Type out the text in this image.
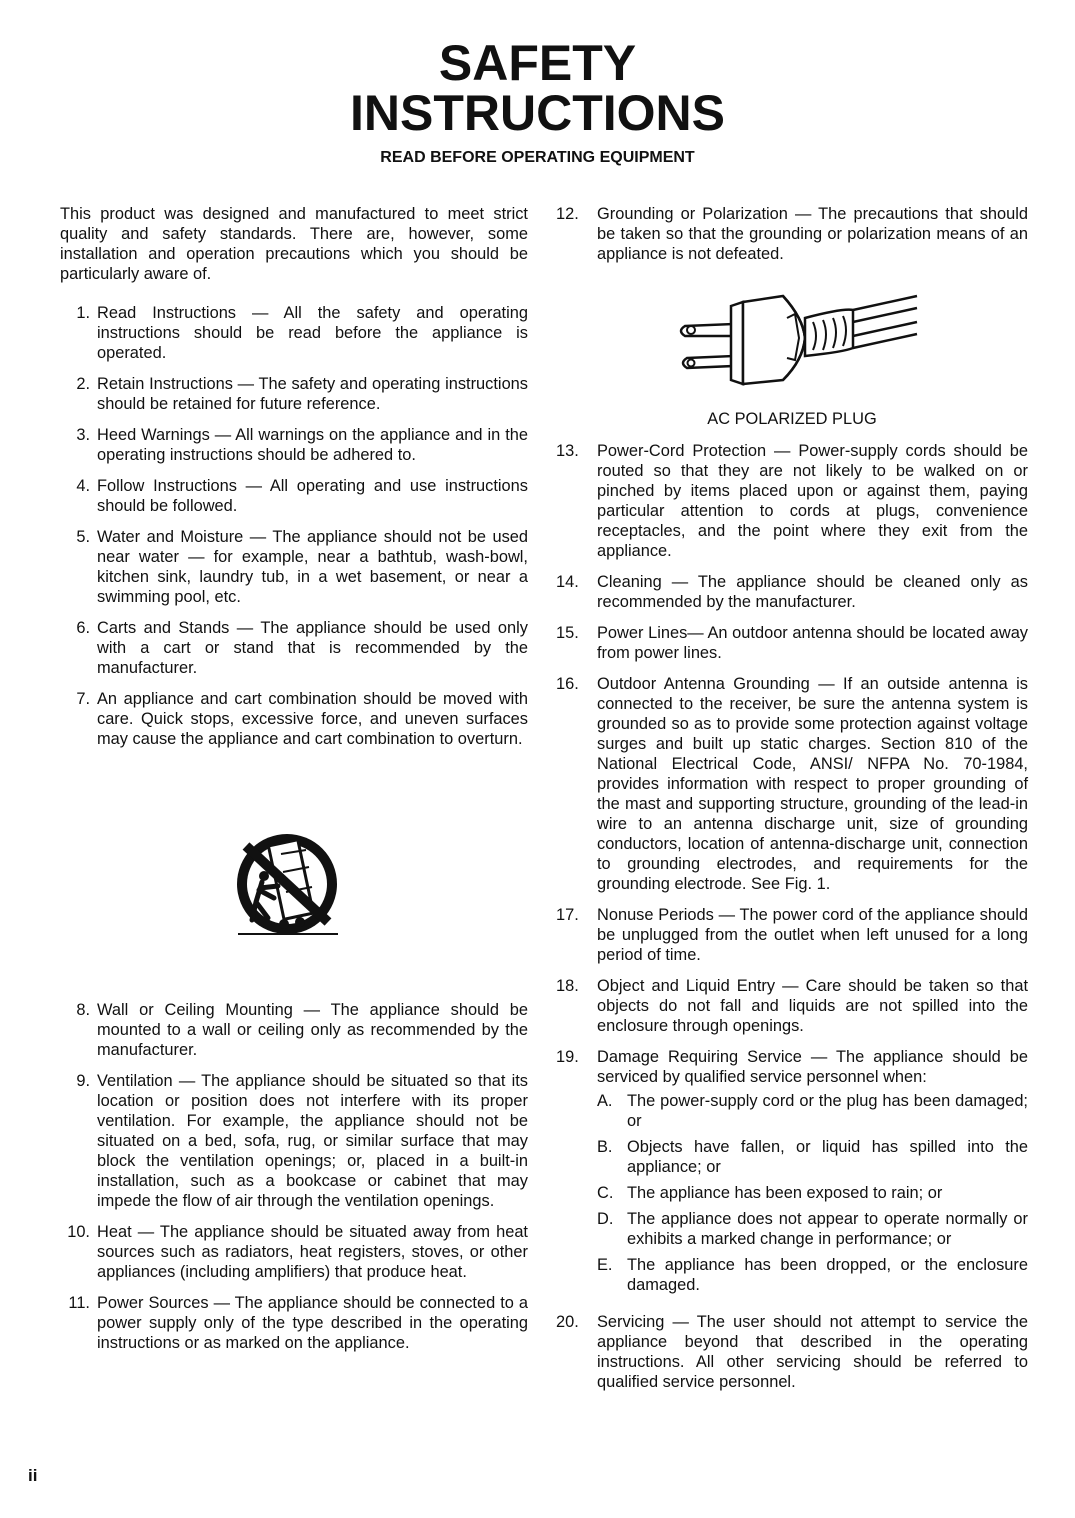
SAFETY
INSTRUCTIONS
READ BEFORE OPERATING EQUIPMENT

This product was designed and manufactured to meet strict quality and safety standards. There are, however, some installation and operation precautions which you should be particularly aware of.

1. Read Instructions — All the safety and operating instructions should be read before the appliance is operated.
2. Retain Instructions — The safety and operating instructions should be retained for future reference.
3. Heed Warnings — All warnings on the appliance and in the operating instructions should be adhered to.
4. Follow Instructions — All operating and use instructions should be followed.
5. Water and Moisture — The appliance should not be used near water — for example, near a bathtub, wash-bowl, kitchen sink, laundry tub, in a wet basement, or near a swimming pool, etc.
6. Carts and Stands — The appliance should be used only with a cart or stand that is recommended by the manufacturer.
7. An appliance and cart combination should be moved with care. Quick stops, excessive force, and uneven surfaces may cause the appliance and cart combination to overturn.
8. Wall or Ceiling Mounting — The appliance should be mounted to a wall or ceiling only as recommended by the manufacturer.
9. Ventilation — The appliance should be situated so that its location or position does not interfere with its proper ventilation. For example, the appliance should not be situated on a bed, sofa, rug, or similar surface that may block the ventilation openings; or, placed in a built-in installation, such as a bookcase or cabinet that may impede the flow of air through the ventilation openings.
10. Heat — The appliance should be situated away from heat sources such as radiators, heat registers, stoves, or other appliances (including amplifiers) that produce heat.
11. Power Sources — The appliance should be connected to a power supply only of the type described in the operating instructions or as marked on the appliance.
12.	Grounding or Polarization — The precautions that should be taken so that the grounding or polarization means of an appliance is not defeated.
AC POLARIZED PLUG
13.	Power-Cord Protection — Power-supply cords should be routed so that they are not likely to be walked on or pinched by items placed upon or against them, paying particular attention to cords at plugs, convenience receptacles, and the point where they exit from the appliance.
14.	Cleaning — The appliance should be cleaned only as recommended by the manufacturer.
15.	Power Lines— An outdoor antenna should be located away from power lines.
16.	Outdoor Antenna Grounding — If an outside antenna is connected to the receiver, be sure the antenna system is grounded so as to provide some protection against voltage surges and built up static charges. Section 810 of the National Electrical Code, ANSI/ NFPA No. 70-1984, provides information with respect to proper grounding of the mast and supporting structure, grounding of the lead-in wire to an antenna discharge unit, size of grounding conductors, location of antenna-discharge unit, connection to grounding electrodes, and requirements for the grounding electrode. See Fig. 1.
17.	Nonuse Periods — The power cord of the appliance should be unplugged from the outlet when left unused for a long period of time.
18.	Object and Liquid Entry — Care should be taken so that objects do not fall and liquids are not spilled into the enclosure through openings.
19.	Damage Requiring Service — The appliance should be serviced by qualified service personnel when:
A. The power-supply cord or the plug has been damaged; or
B. Objects have fallen, or liquid has spilled into the appliance; or
C. The appliance has been exposed to rain; or
D. The appliance does not appear to operate normally or exhibits a marked change in performance; or
E. The appliance has been dropped, or the enclosure damaged.
20.	Servicing — The user should not attempt to service the appliance beyond that described in the operating instructions. All other servicing should be referred to qualified service personnel.
ii
